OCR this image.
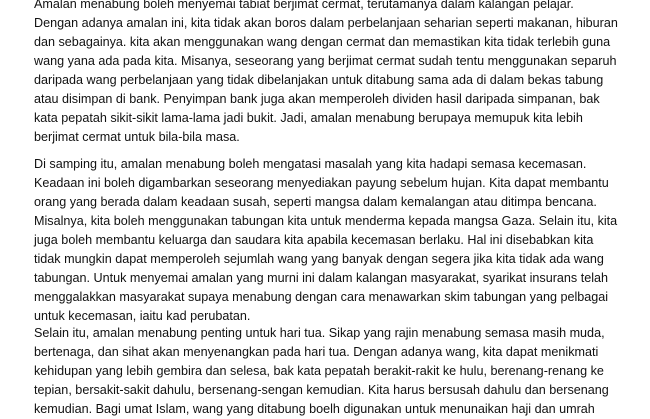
Amalan menabung boleh menyemai tabiat berjimat cermat, terutamanya dalam kalangan pelajar.
Dengan adanya amalan ini, kita tidak akan boros dalam perbelanjaan seharian seperti makanan, hiburan
dan sebagainya. kita akan menggunakan wang dengan cermat dan memastikan kita tidak terlebih guna
wang yana ada pada kita. Misanya, seseorang yang berjimat cermat sudah tentu menggunakan separuh
daripada wang perbelanjaan yang tidak dibelanjakan untuk ditabung sama ada di dalam bekas tabung
atau disimpan di bank. Penyimpan bank juga akan memperoleh dividen hasil daripada simpanan, bak
kata pepatah sikit-sikit lama-lama jadi bukit. Jadi, amalan menabung berupaya memupuk kita lebih
berjimat cermat untuk bila-bila masa.
Di samping itu, amalan menabung boleh mengatasi masalah yang kita hadapi semasa kecemasan.
Keadaan ini boleh digambarkan seseorang menyediakan payung sebelum hujan. Kita dapat membantu
orang yang berada dalam keadaan susah, seperti mangsa dalam kemalangan atau ditimpa bencana.
Misalnya, kita boleh menggunakan tabungan kita untuk menderma kepada mangsa Gaza. Selain itu, kita
juga boleh membantu keluarga dan saudara kita apabila kecemasan berlaku. Hal ini disebabkan kita
tidak mungkin dapat memperoleh sejumlah wang yang banyak dengan segera jika kita tidak ada wang
tabungan. Untuk menyemai amalan yang murni ini dalam kalangan masyarakat, syarikat insurans telah
menggalakkan masyarakat supaya menabung dengan cara menawarkan skim tabungan yang pelbagai
untuk kecemasan, iaitu kad perubatan.
Selain itu, amalan menabung penting untuk hari tua. Sikap yang rajin menabung semasa masih muda,
bertenaga, dan sihat akan menyenangkan pada hari tua. Dengan adanya wang, kita dapat menikmati
kehidupan yang lebih gembira dan selesa, bak kata pepatah berakit-rakit ke hulu, berenang-renang ke
tepian, bersakit-sakit dahulu, bersenang-sengan kemudian. Kita harus bersusah dahulu dan bersenang
kemudian. Bagi umat Islam, wang yang ditabung boelh digunakan untuk menunaikan haji dan umrah
